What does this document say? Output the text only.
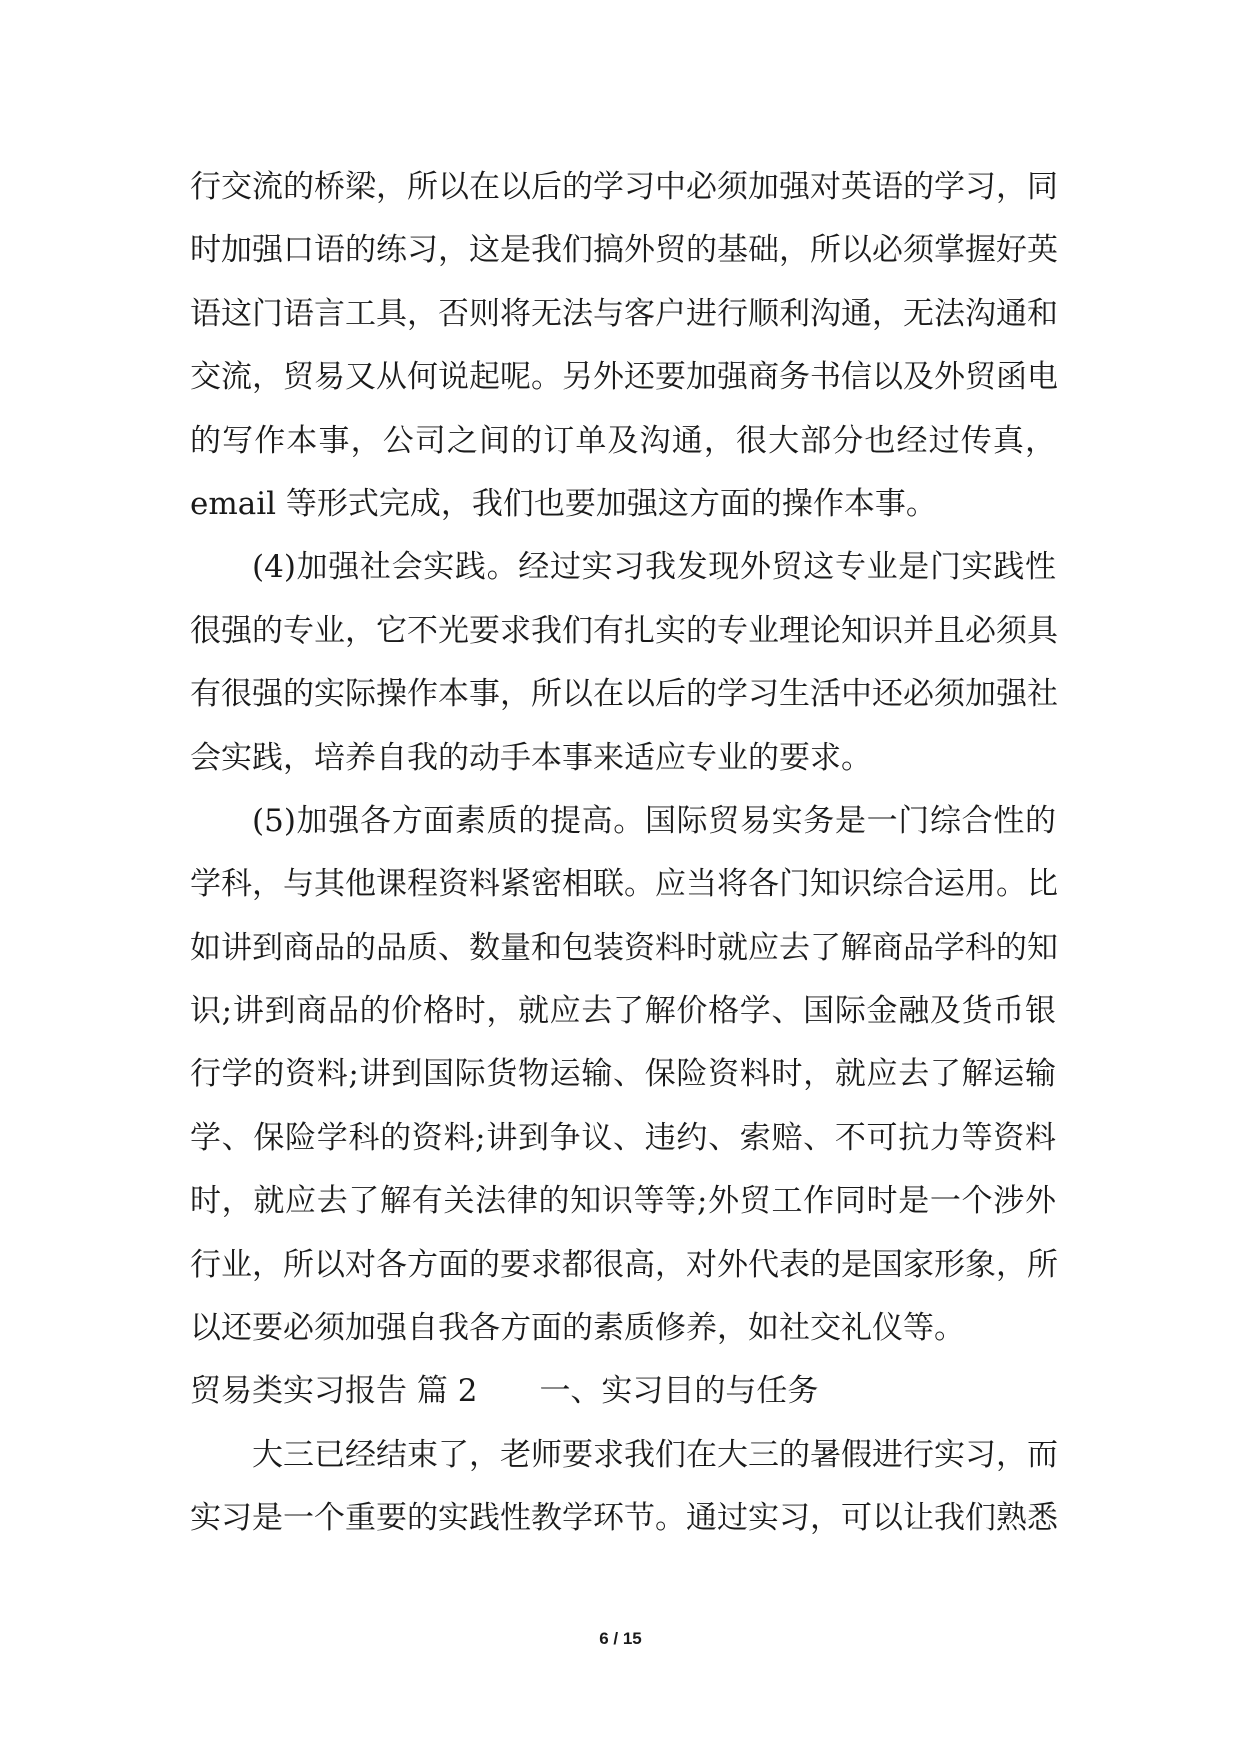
行交流的桥梁，所以在以后的学习中必须加强对英语的学习，同
时加强口语的练习，这是我们搞外贸的基础，所以必须掌握好英
语这门语言工具，否则将无法与客户进行顺利沟通，无法沟通和
交流，贸易又从何说起呢。另外还要加强商务书信以及外贸函电
的写作本事，公司之间的订单及沟通，很大部分也经过传真，
email 等形式完成，我们也要加强这方面的操作本事。
(4)加强社会实践。经过实习我发现外贸这专业是门实践性
很强的专业，它不光要求我们有扎实的专业理论知识并且必须具
有很强的实际操作本事，所以在以后的学习生活中还必须加强社
会实践，培养自我的动手本事来适应专业的要求。
(5)加强各方面素质的提高。国际贸易实务是一门综合性的
学科，与其他课程资料紧密相联。应当将各门知识综合运用。比
如讲到商品的品质、数量和包装资料时就应去了解商品学科的知
识;讲到商品的价格时，就应去了解价格学、国际金融及货币银
行学的资料;讲到国际货物运输、保险资料时，就应去了解运输
学、保险学科的资料;讲到争议、违约、索赔、不可抗力等资料
时，就应去了解有关法律的知识等等;外贸工作同时是一个涉外
行业，所以对各方面的要求都很高，对外代表的是国家形象，所
以还要必须加强自我各方面的素质修养，如社交礼仪等。
贸易类实习报告 篇 2 一、实习目的与任务
大三已经结束了，老师要求我们在大三的暑假进行实习，而
实习是一个重要的实践性教学环节。通过实习，可以让我们熟悉
6 / 15
